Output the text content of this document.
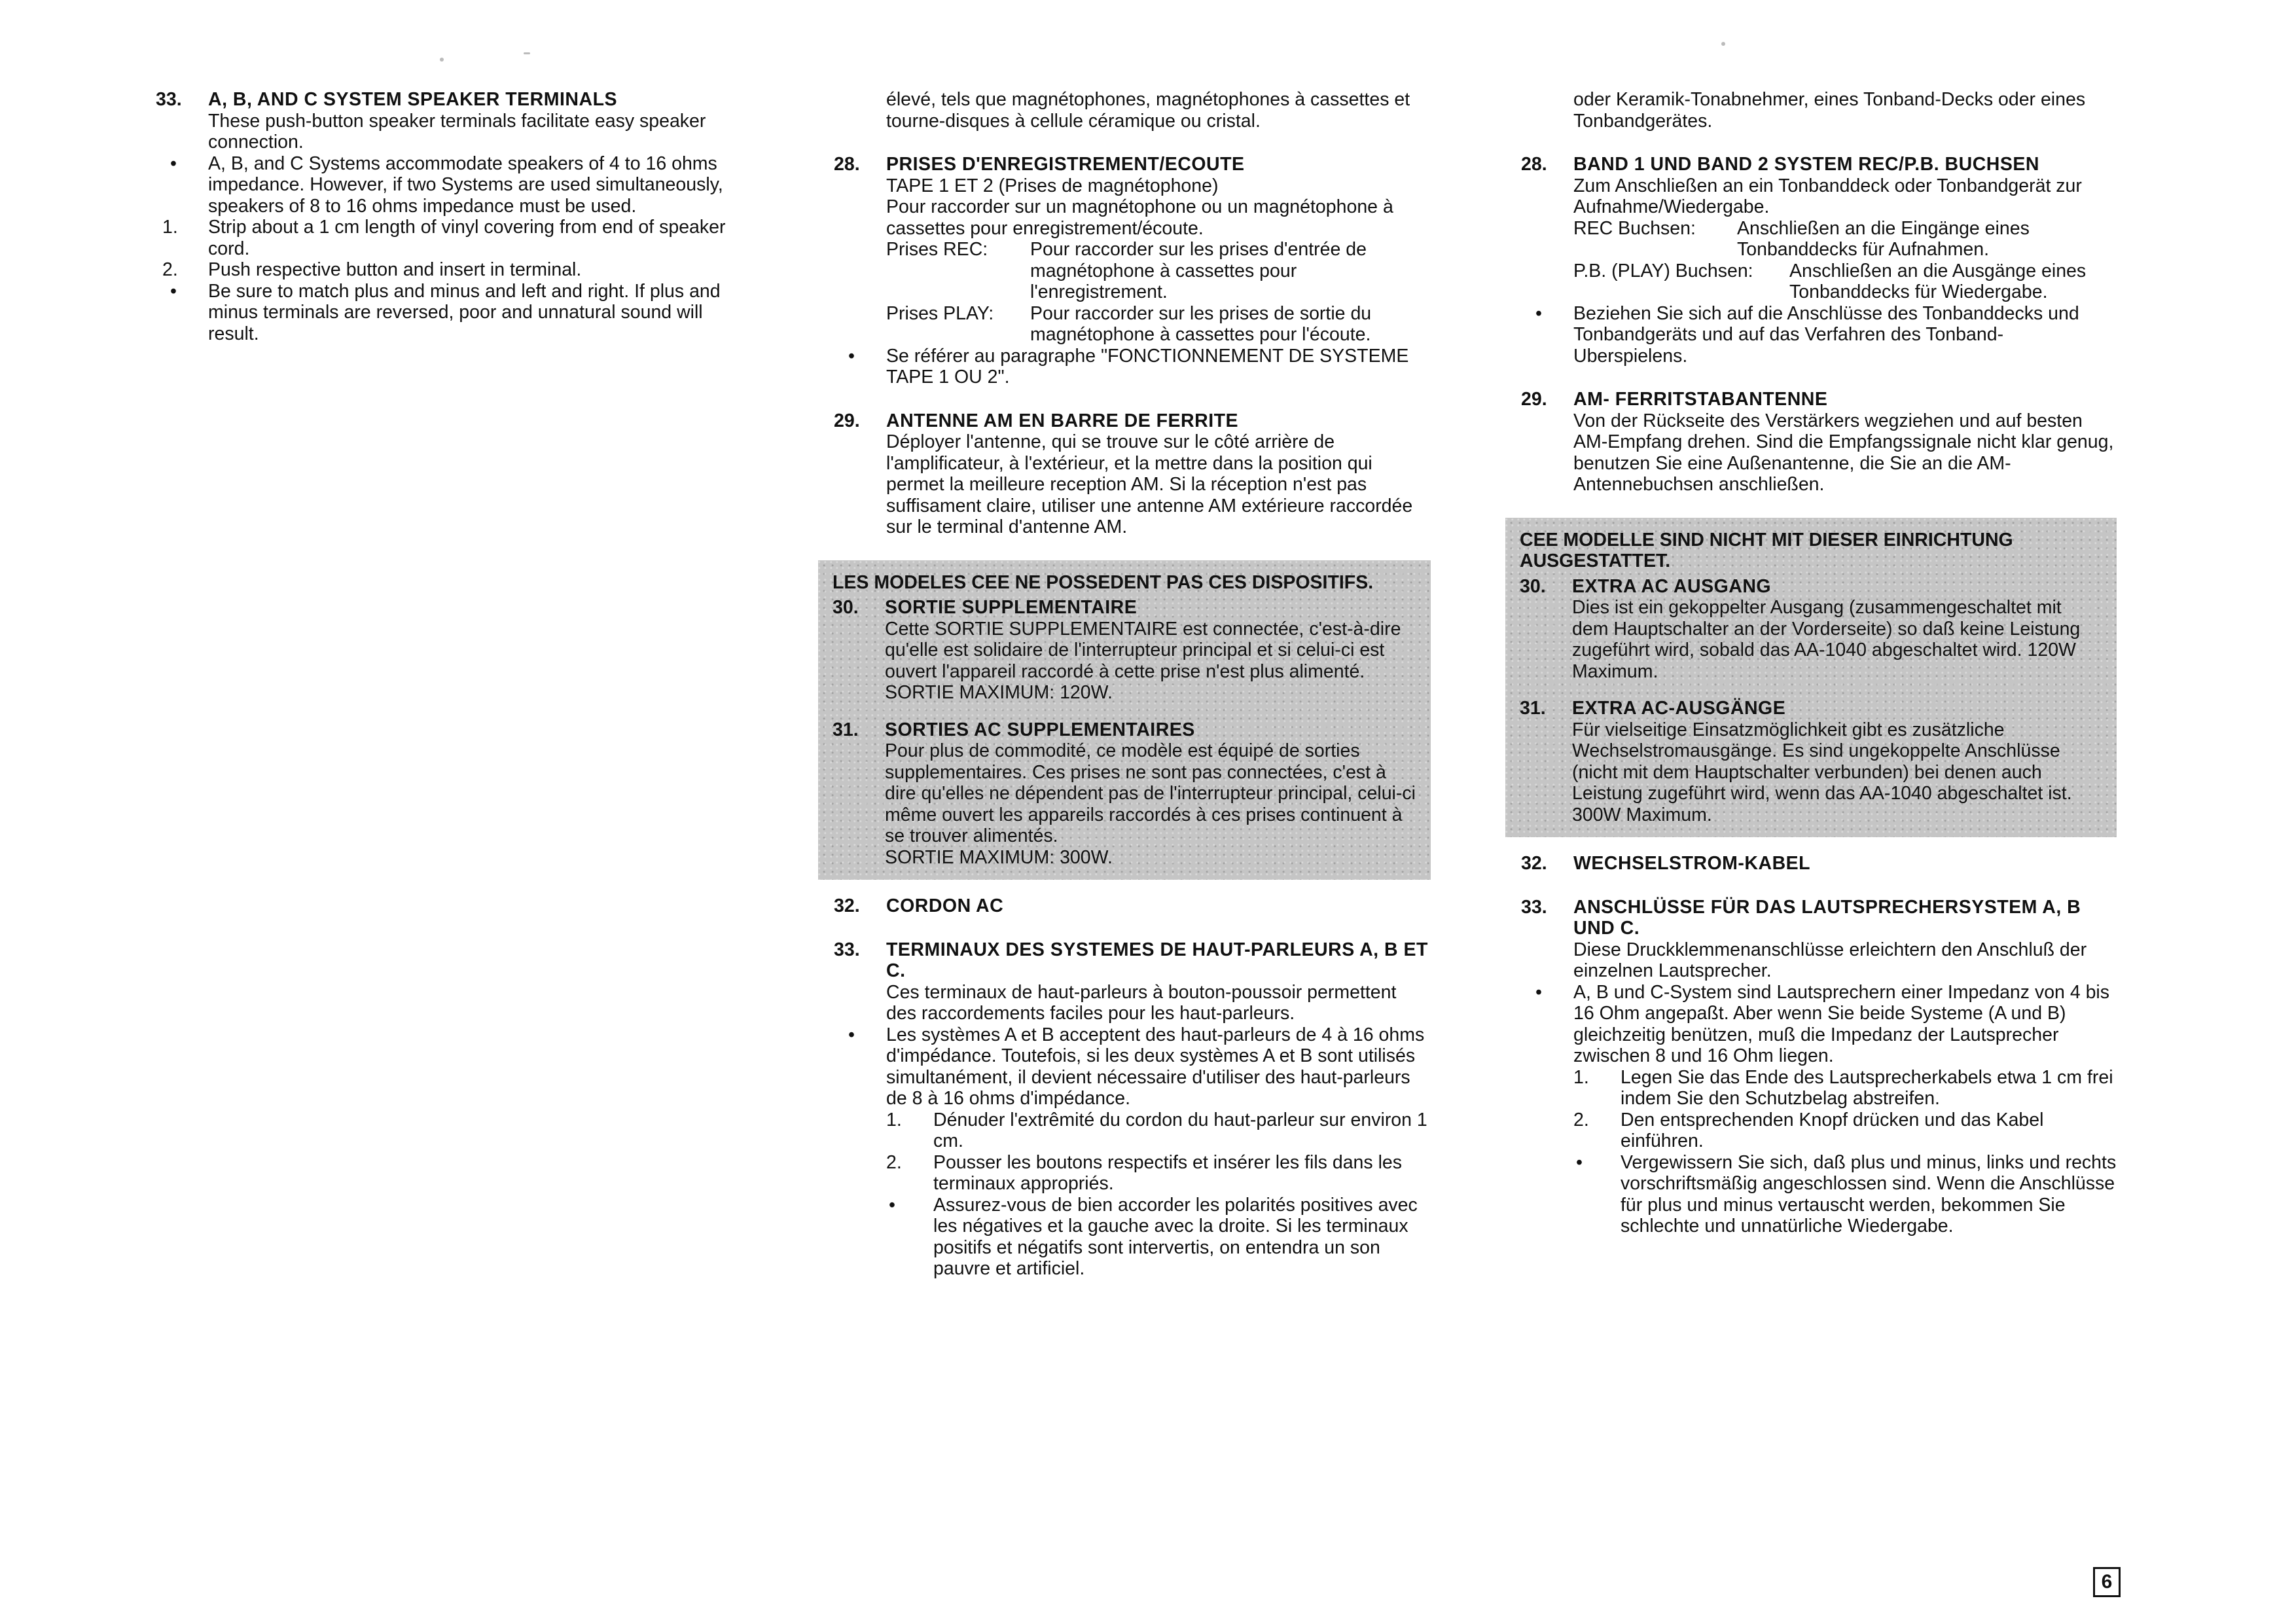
33. A, B, AND C SYSTEM SPEAKER TERMINALS

These push-button speaker terminals facilitate easy speaker connection.

• A, B, and C Systems accommodate speakers of 4 to 16 ohms impedance. However, if two Systems are used simultaneously, speakers of 8 to 16 ohms impedance must be used.
1. Strip about a 1 cm length of vinyl covering from end of speaker cord.
2. Push respective button and insert in terminal.
• Be sure to match plus and minus and left and right. If plus and minus terminals are reversed, poor and unnatural sound will result.

élevé, tels que magnétophones, magnétophones à cassettes et tourne-disques à cellule céramique ou cristal.

28. PRISES D'ENREGISTREMENT/ECOUTE

TAPE 1 ET 2 (Prises de magnétophone)

Pour raccorder sur un magnétophone ou un magnétophone à cassettes pour enregistrement/écoute.

Prises REC:	Pour raccorder sur les prises d'entrée de magnétophone à cassettes pour l'enregistrement.
Prises PLAY:	Pour raccorder sur les prises de sortie du magnétophone à cassettes pour l'écoute.
• Se référer au paragraphe "FONCTIONNEMENT DE SYSTEME TAPE 1 OU 2".
29. ANTENNE AM EN BARRE DE FERRITE

Déployer l'antenne, qui se trouve sur le côté arrière de l'amplificateur, à l'extérieur, et la mettre dans la position qui permet la meilleure reception AM. Si la réception n'est pas suffisament claire, utiliser une antenne AM extérieure raccordée sur le terminal d'antenne AM.

LES MODELES CEE NE POSSEDENT PAS CES DISPOSITIFS.
30. SORTIE SUPPLEMENTAIRE

Cette SORTIE SUPPLEMENTAIRE est connectée, c'est-à-dire qu'elle est solidaire de l'interrupteur principal et si celui-ci est ouvert l'appareil raccordé à cette prise n'est plus alimenté.

SORTIE MAXIMUM: 120W.

31. SORTIES AC SUPPLEMENTAIRES

Pour plus de commodité, ce modèle est équipé de sorties supplementaires. Ces prises ne sont pas connectées, c'est à dire qu'elles ne dépendent pas de l'interrupteur principal, celui-ci même ouvert les appareils raccordés à ces prises continuent à se trouver alimentés.

SORTIE MAXIMUM: 300W.

32. CORDON AC
33. TERMINAUX DES SYSTEMES DE HAUT-PARLEURS A, B ET C.

Ces terminaux de haut-parleurs à bouton-poussoir permettent des raccordements faciles pour les haut-parleurs.

• Les systèmes A et B acceptent des haut-parleurs de 4 à 16 ohms d'impédance. Toutefois, si les deux systèmes A et B sont utilisés simultanément, il devient nécessaire d'utiliser des haut-parleurs de 8 à 16 ohms d'impédance.
1. Dénuder l'extrêmité du cordon du haut-parleur sur environ 1 cm.
2. Pousser les boutons respectifs et insérer les fils dans les terminaux appropriés.
• Assurez-vous de bien accorder les polarités positives avec les négatives et la gauche avec la droite. Si les terminaux positifs et négatifs sont intervertis, on entendra un son pauvre et artificiel.

oder Keramik-Tonabnehmer, eines Tonband-Decks oder eines Tonbandgerätes.

28. BAND 1 UND BAND 2 SYSTEM REC/P.B. BUCHSEN

Zum Anschließen an ein Tonbanddeck oder Tonbandgerät zur Aufnahme/Wiedergabe.

REC Buchsen:	Anschließen an die Eingänge eines Tonbanddecks für Aufnahmen.
P.B. (PLAY) Buchsen:	Anschließen an die Ausgänge eines Tonbanddecks für Wiedergabe.
• Beziehen Sie sich auf die Anschlüsse des Tonbanddecks und Tonbandgeräts und auf das Verfahren des Tonband-Uberspielens.
29. AM- FERRITSTABANTENNE

Von der Rückseite des Verstärkers wegziehen und auf besten AM-Empfang drehen. Sind die Empfangssignale nicht klar genug, benutzen Sie eine Außenantenne, die Sie an die AM-Antennebuchsen anschließen.

CEE MODELLE SIND NICHT MIT DIESER EINRICHTUNG AUSGESTATTET.
30. EXTRA AC AUSGANG

Dies ist ein gekoppelter Ausgang (zusammengeschaltet mit dem Hauptschalter an der Vorderseite) so daß keine Leistung zugeführt wird, sobald das AA-1040 abgeschaltet wird. 120W Maximum.

31. EXTRA AC-AUSGÄNGE

Für vielseitige Einsatzmöglichkeit gibt es zusätzliche Wechselstromausgänge. Es sind ungekoppelte Anschlüsse (nicht mit dem Hauptschalter verbunden) bei denen auch Leistung zugeführt wird, wenn das AA-1040 abgeschaltet ist. 300W Maximum.

32. WECHSELSTROM-KABEL
33. ANSCHLÜSSE FÜR DAS LAUTSPRECHERSYSTEM A, B UND C.

Diese Druckklemmenanschlüsse erleichtern den Anschluß der einzelnen Lautsprecher.

• A, B und C-System sind Lautsprechern einer Impedanz von 4 bis 16 Ohm angepaßt. Aber wenn Sie beide Systeme (A und B) gleichzeitig benützen, muß die Impedanz der Lautsprecher zwischen 8 und 16 Ohm liegen.
1. Legen Sie das Ende des Lautsprecherkabels etwa 1 cm frei indem Sie den Schutzbelag abstreifen.
2. Den entsprechenden Knopf drücken und das Kabel einführen.
• Vergewissern Sie sich, daß plus und minus, links und rechts vorschriftsmäßig angeschlossen sind. Wenn die Anschlüsse für plus und minus vertauscht werden, bekommen Sie schlechte und unnatürliche Wiedergabe.
6
